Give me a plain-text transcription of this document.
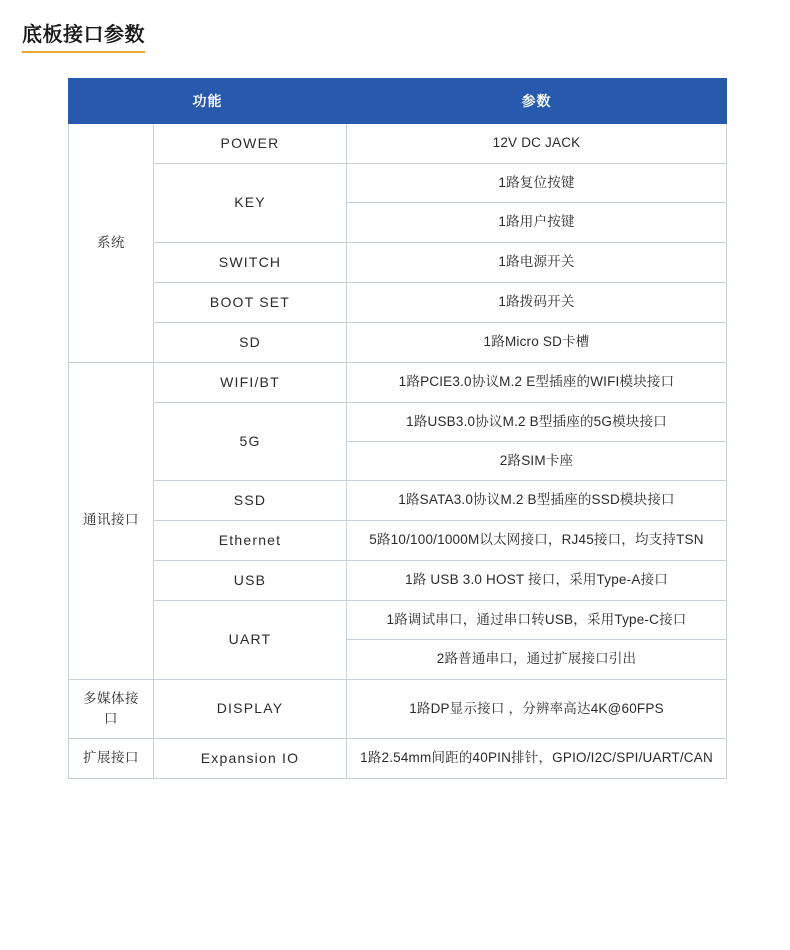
底板接口参数
功能		参数
系统	POWER	12V DC JACK
	KEY	1路复位按键
		1路用户按键
	SWITCH	1路电源开关
	BOOT SET	1路拨码开关
	SD	1路Micro SD卡槽
通讯接口	WIFI/BT	1路PCIE3.0协议M.2 E型插座的WIFI模块接口
	5G	1路USB3.0协议M.2 B型插座的5G模块接口
		2路SIM卡座
	SSD	1路SATA3.0协议M.2 B型插座的SSD模块接口
	Ethernet	5路10/100/1000M以太网接口，RJ45接口，均支持TSN
	USB	1路 USB 3.0 HOST 接口，采用Type-A接口
	UART	1路调试串口，通过串口转USB，采用Type-C接口
		2路普通串口，通过扩展接口引出
多媒体接口	DISPLAY	1路DP显示接口 ，分辨率高达4K@60FPS
扩展接口	Expansion IO	1路2.54mm间距的40PIN排针，GPIO/I2C/SPI/UART/CAN
